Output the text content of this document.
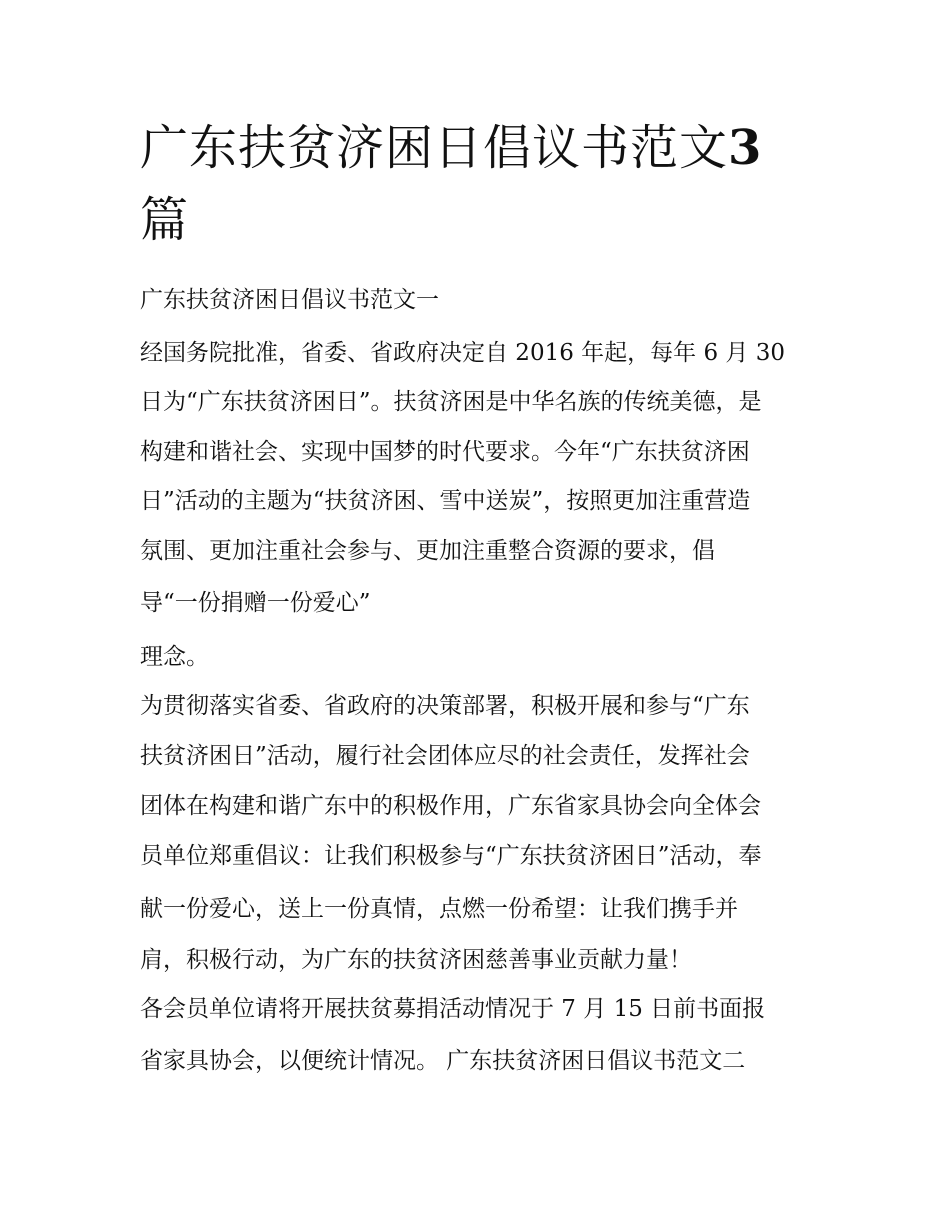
广东扶贫济困日倡议书范文3
篇

广东扶贫济困日倡议书范文一

经国务院批准，省委、省政府决定自 2016 年起，每年 6 月 30

日为“广东扶贫济困日”。扶贫济困是中华名族的传统美德，是

构建和谐社会、实现中国梦的时代要求。今年“广东扶贫济困

日”活动的主题为“扶贫济困、雪中送炭”，按照更加注重营造

氛围、更加注重社会参与、更加注重整合资源的要求，倡

导“一份捐赠一份爱心”

理念。

为贯彻落实省委、省政府的决策部署，积极开展和参与“广东

扶贫济困日”活动，履行社会团体应尽的社会责任，发挥社会

团体在构建和谐广东中的积极作用，广东省家具协会向全体会

员单位郑重倡议：让我们积极参与“广东扶贫济困日”活动，奉

献一份爱心，送上一份真情，点燃一份希望：让我们携手并

肩，积极行动，为广东的扶贫济困慈善事业贡献力量！

各会员单位请将开展扶贫募捐活动情况于 7 月 15 日前书面报

省家具协会，以便统计情况。 广东扶贫济困日倡议书范文二
